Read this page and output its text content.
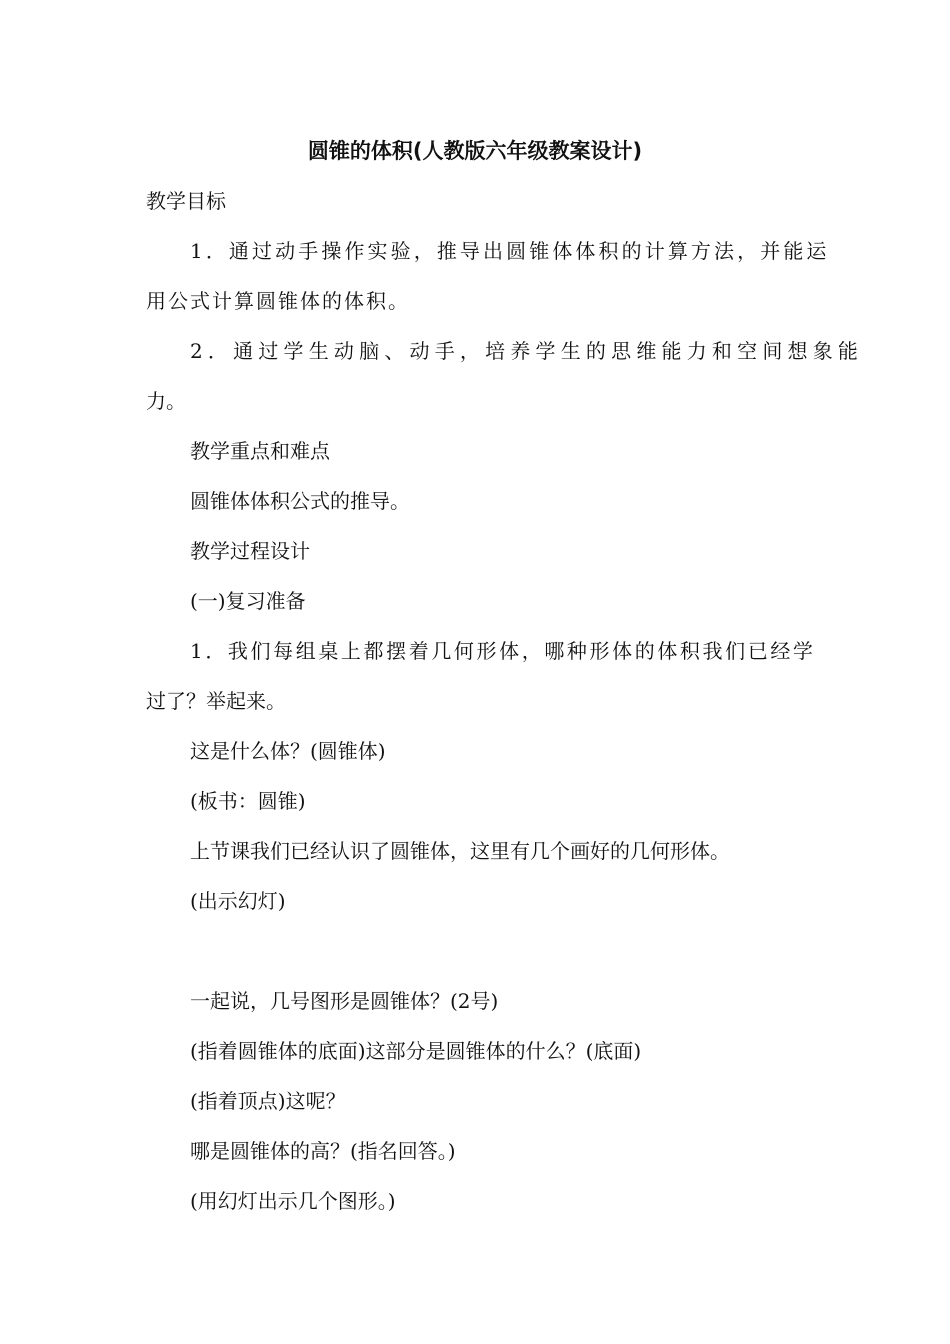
圆锥的体积(人教版六年级教案设计)

教学目标

1．通过动手操作实验，推导出圆锥体体积的计算方法，并能运

用公式计算圆锥体的体积。

2．通过学生动脑、动手，培养学生的思维能力和空间想象能

力。

教学重点和难点

圆锥体体积公式的推导。

教学过程设计

(一)复习准备

1．我们每组桌上都摆着几何形体，哪种形体的体积我们已经学

过了？举起来。

这是什么体？(圆锥体)

(板书：圆锥)

上节课我们已经认识了圆锥体，这里有几个画好的几何形体。

(出示幻灯)

一起说，几号图形是圆锥体？(2号)

(指着圆锥体的底面)这部分是圆锥体的什么？(底面)

(指着顶点)这呢？

哪是圆锥体的高？(指名回答。)

(用幻灯出示几个图形。)
